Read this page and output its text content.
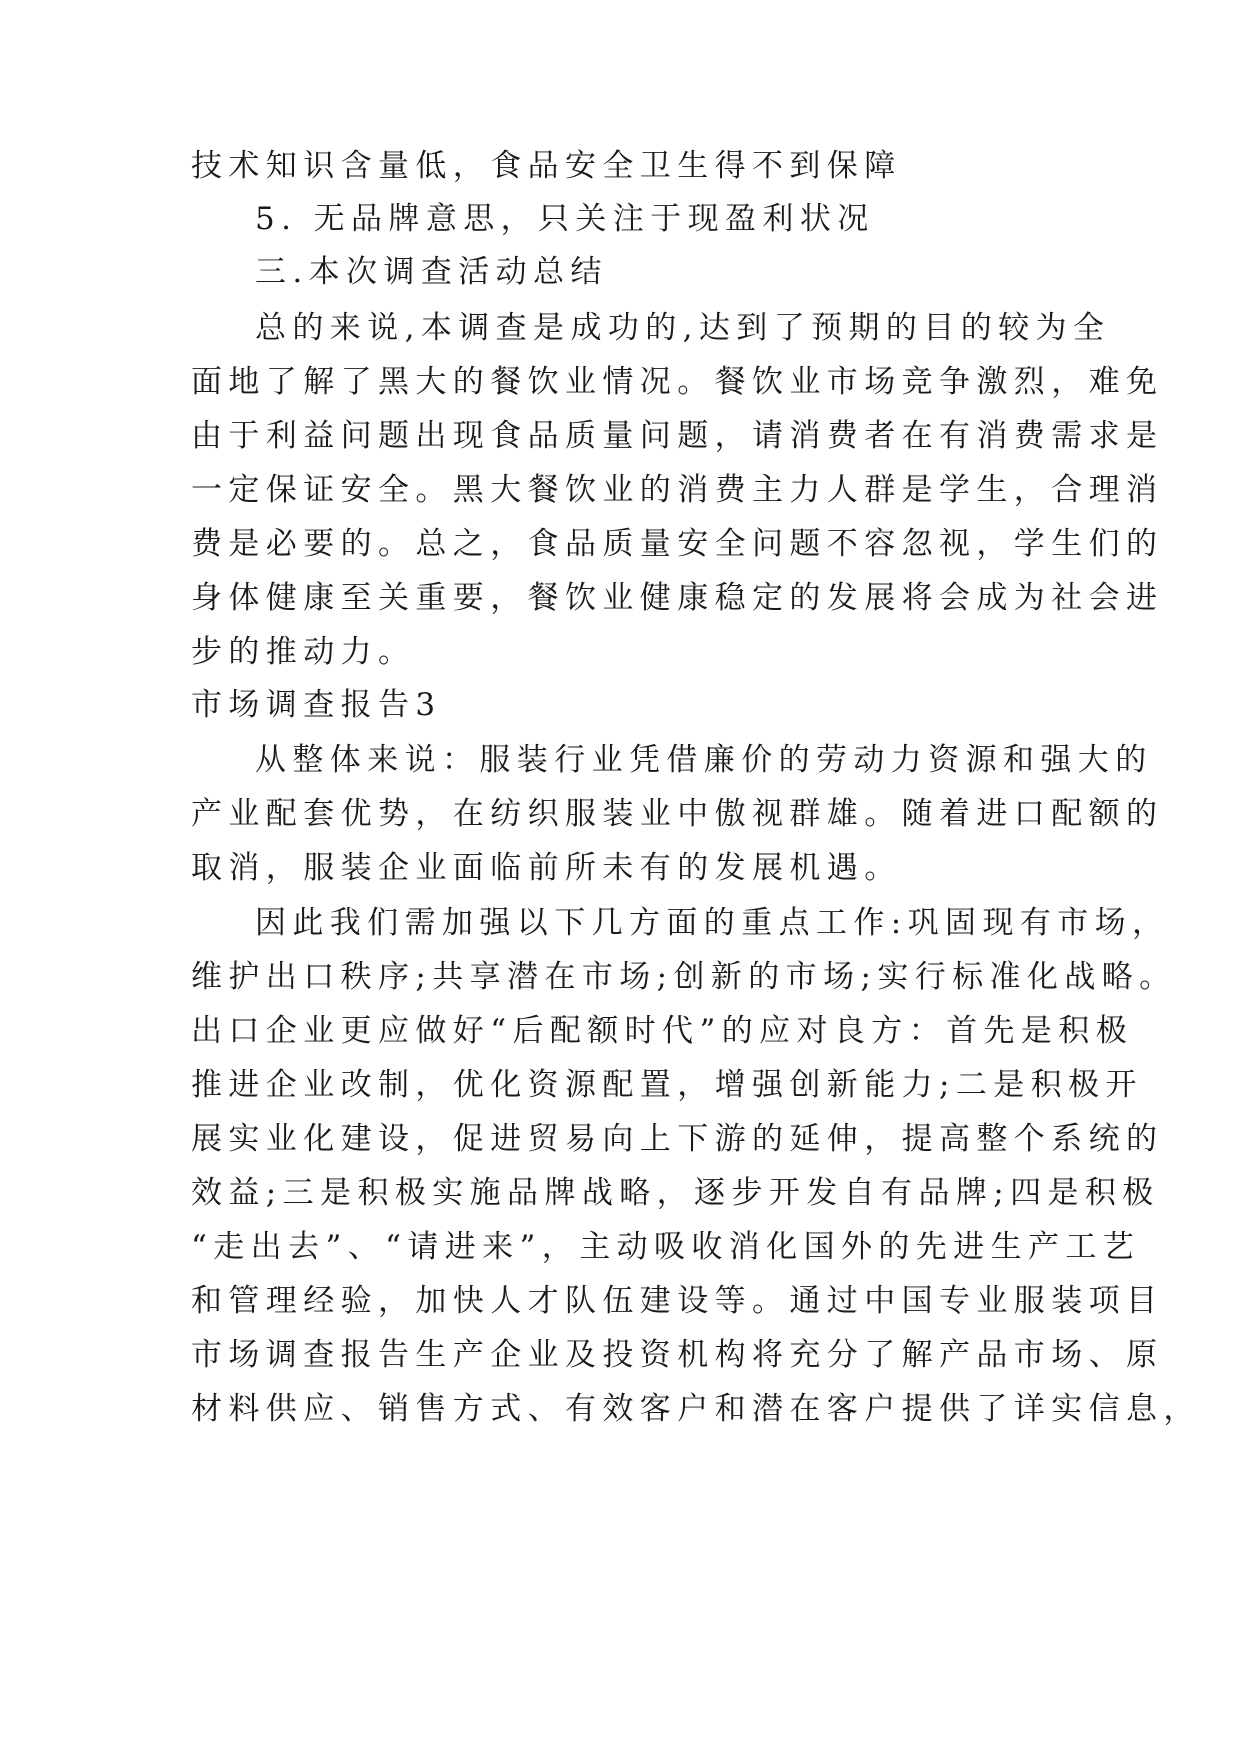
技术知识含量低，食品安全卫生得不到保障
5. 无品牌意思，只关注于现盈利状况
三.本次调查活动总结
总的来说,本调查是成功的,达到了预期的目的较为全
面地了解了黑大的餐饮业情况。餐饮业市场竞争激烈，难免
由于利益问题出现食品质量问题，请消费者在有消费需求是
一定保证安全。黑大餐饮业的消费主力人群是学生，合理消
费是必要的。总之，食品质量安全问题不容忽视，学生们的
身体健康至关重要，餐饮业健康稳定的发展将会成为社会进
步的推动力。
市场调查报告3
从整体来说：服装行业凭借廉价的劳动力资源和强大的
产业配套优势，在纺织服装业中傲视群雄。随着进口配额的
取消，服装企业面临前所未有的发展机遇。
因此我们需加强以下几方面的重点工作:巩固现有市场，
维护出口秩序;共享潜在市场;创新的市场;实行标准化战略。
出口企业更应做好“后配额时代”的应对良方：首先是积极
推进企业改制，优化资源配置，增强创新能力;二是积极开
展实业化建设，促进贸易向上下游的延伸，提高整个系统的
效益;三是积极实施品牌战略，逐步开发自有品牌;四是积极
“走出去”、“请进来”，主动吸收消化国外的先进生产工艺
和管理经验，加快人才队伍建设等。通过中国专业服装项目
市场调查报告生产企业及投资机构将充分了解产品市场、原
材料供应、销售方式、有效客户和潜在客户提供了详实信息，
